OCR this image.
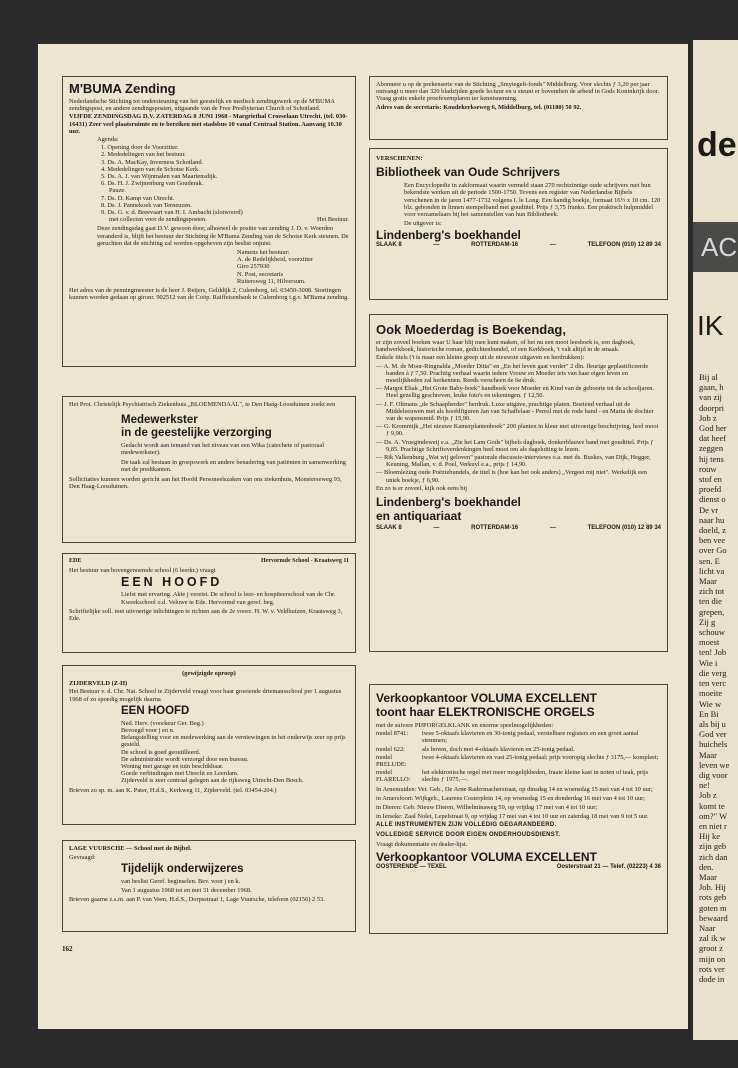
M'BUMA Zending

Nederlandsche Stichting tot ondersteuning van het geestelijk en medisch zendingswerk op de M'BUMA zendingspost, en andere zendingsposten, uitgaande van de Free Presbyterian Church of Schotland.

VIJFDE ZENDINGSDAG D.V. ZATERDAG 8 JUNI 1968 - Margriethal Croeselaan Utrecht. (tel. 030-16431) Zeer veel plaatsruimte en te bereiken met stadsbus 10 vanaf Centraal Station. Aanvang 10.30 uur.

Agenda:

1. Opening door de Voorzitter.
2. Mededelingen van het bestuur.
3. Ds. A. MacKay, Inverness Schotland.
4. Mededelingen van de Schotse Kerk.
5. Ds. A. J. van Wijnmalen van Maartensdijk.
6. Ds. H. J. Zwijnenburg van Gouderak.
Pauze.
7. Ds. D. Kamp van Utrecht.
8. Ds. J. Pannekoek van Terneuzen.
9. Ds. G. v. d. Breevaart van H. I. Ambacht (slotwoord)
met collecten voor de zendingsposten.	Het Bestuur.

Deze zendingsdag gaat D.V. gewoon door, alhoewel de positie van zending J. D. v. Woerden veranderd is, blijft het bestuur der Stichting de M'Buma Zending van de Schotse Kerk steunen. De geruchten dat de stichting zal worden opgeheven zijn beslist onjuist.

Namens het bestuur:
A. de Redelijkheid, voorzitter
Giro 257930
N. Post, secretaris
Ruitersweg 11, Hilversum.

Het adres van de penningmeester is de heer J. Reijers, Gelddijk 2, Culemborg, tel. 03450-3008. Stortingen kunnen worden gedaan op gironr. 902512 van de Coöp. Raiffeisenbank te Culemborg t.g.v. M'Buma zending.

Het Prot. Christelijk Psychiatrisch Ziekenhuis „BLOEMENDAAL", te Den Haag-Loosduinen zoekt een

Medewerkster
in de geestelijke verzorging

Gedacht wordt aan iemand van het niveau van een Wika (catechete of pastoraal medewerkster).

De taak zal bestaan in groepswerk en andere benadering van patiënten in samenwerking met de predikanten.

Sollicitaties kunnen worden gericht aan het Hoofd Personeelszaken van ons ziekenhuis, Monsterseweg 93, Den Haag-Loosduinen.

EDE	Hervormde School - Kraatsweg 11

Het bestuur van bovengenoemde school (6 leerkr.) vraagt

EEN HOOFD

Liefst met ervaring. Akte j vereist. De school is leer- en hospiteerschool van de Chr. Kweekschool o.d. Veluwe te Ede. Hervormd van geref. beg.

Schriftelijke soll. met uitvoerige inlichtingen te richten aan de 2e voorz. H. W. v. Veldhuizen, Kraatsweg 3, Ede.

(gewijzigde oproep)

ZIJDERVELD (Z-H)

Het Bestuur v. d. Chr. Nat. School te Zijderveld vraagt voor haar groeiende driemansschool per 1 augustus 1968 of zo spoedig mogelijk daarna

EEN HOOFD
Ned. Herv. (voorkeur Ger. Beg.)
Bevoegd voor j en n.
Belangstelling voor en medewerking aan de verniewingen in het onderwijs zeer op prijs gesteld.
De school is goed geoutilleerd.
De administratie wordt verzorgd door een bureau.
Woning met garage en tuin beschikbaar.
Goede verbindingen met Utrecht en Leerdam.
Zijderveld is zeer centraal gelegen aan de rijksweg Utrecht-Den Bosch.

Brieven zo sp. m. aan K. Pater, H.d.S., Kerkweg 11, Zijderveld. (tel. 03454-204.)

LAGE VUURSCHE — School met de Bijbel.

Gevraagd:

Tijdelijk onderwijzeres

van beslist Geref. beginselen. Bev. voor j en k.

Van 1 augustus 1968 tot en met 31 december 1968.

Brieven gaarne z.s.m. aan P. van Veen, H.d.S., Dorpsstraat 1, Lage Vuursche, telefoon (02156) 2 53.

162

Abonneer u op de prekenserie van de Stichting „Smytegelt-fonds" Middelburg. Voor slechts ƒ 3,20 per jaar ontvangt u meer dan 320 bladzijden goede lectuur en u steunt er bovendien de arbeid in Gods Koninkrijk door. Vraag gratis enkele proefexemplaren ter kennisneming.

Adres van de secretaris: Koudekerkseweg 6, Middelburg, tel. (01180) 50 92.

VERSCHENEN:

Bibliotheek van Oude Schrijvers

Een Encyclopedie in zakformaat waarin vermeld staan 270 rechtzinnige oude schrijvers met hun bekendste werken uit de periode 1500-1750. Tevens een register van Nederlandse Bijbels verschenen in de jaren 1477-1732 volgens I. le Long. Een handig boekje, formaat 16½ x 10 cm. 120 blz. gebonden in linnen stempelband met goudtitel. Prijs ƒ 3,75 franko. Een praktisch hulpmiddel voor verzamelaars bij het samenstellen van hun Bibliotheek.

De uitgever is:

Lindenberg's boekhandel
SLAAK 8	—	ROTTERDAM-16	—	TELEFOON (010) 12 89 34
Ook Moederdag is Boekendag,

er zijn zoveel boeken waar U haar blij mee kunt maken, of het nu een mooi leesboek is, een dagboek, handwerkboek, historische roman, gedichtenbundel, of een Kerkboek, 't valt altijd in de smaak.

Enkele titels ('t is maar een kleine greep uit de nieuwste uitgaven en herdrukken):

— A. M. de Moor-Ringnalda „Moeder Ditta" en „En het leven gaat verder" 2 dln. fleurige geplastificeerde banden à ƒ 7,50. Prachtig verhaal waarin iedere Vrouw en Moeder iets van haar eigen leven en moeilijkheden zal herkennen. Reeds verscheen de 6e druk.

— Margot Eliak „Het Grote Baby-boek" handboek voor Moeder en Kind van de geboorte tot de schooljaren. Heel gezellig geschreven, leuke foto's en tekeningen. ƒ 12,50.

— J. F. Oltmans „de Schaapherder" herdruk. Luxe uitgave, prachtige platen. Boeiend verhaal uit de Middeleeuwen met als hoofdfiguren Jan van Schaffelaar - Perrol met de rode hand - en Maria de dochter van de wapensmid. Prijs ƒ 15,90.

— G. Krommijk „Het nieuwe Kamerplantenboek" 200 planten in kleur met uitvoerige beschrijving, heel mooi ƒ 9,90.

— Ds. A. Vroegindeweij e.a. „Zie het Lam Gods" bijbels dagboek, donkerblauwe band met goudtitel. Prijs ƒ 9,85. Prachtige Schriftoverdenkingen heel mooi om als dagsluiting te lezen.

— Rik Valkenburg „Wat wij geloven" pastorale discussie-interviews o.a. met ds. Buskes, van Dijk, Hegger, Keuning, Mallan, v. d. Poel, Verkuyl e.a., prijs ƒ 14,90.

— Bloemlezing oude Poëziebundels, de titel is (hoe kan het ook anders) „Vergeet mij niet". Werkelijk een uniek boekje, ƒ 6,90.

En zo is er zoveel, kijk ook eens bij

Lindenberg's boekhandel
en antiquariaat
SLAAK 8	—	ROTTERDAM-16	—	TELEFOON (010) 12 89 34
Verkoopkantoor VOLUMA EXCELLENT
toont haar ELEKTRONISCHE ORGELS

met de suivere PIJPORGELKLANK en enorme speelmogelijkheden:

model 8741:	twee 5-oktaafs klavieren en 30-tonig pedaal, verstelbare registers en een groot aantal stemmen;
model 622:	als boven, doch met 4-oktaafs klavieren en 25-tonig pedaal.
model PRELUDE:
twee 4-oktaafs klavieren en vast 25-tonig pedaal; prijs vooropig slechts ƒ 3175,— kompleet;
model FLARELLO:
het elektronische orgel met meer mogelijkheden, fraaie kleine kast in noten of teak, prijs slechts ƒ 1975,—.

In Arnemuiden: Ver. Geb., De Arne Radermacherstraat, op dinsdag 14 en woensdag 15 mei van 4 tot 10 uur;

in Amersfoort: Wijkgeb., Laurens Costerplein 14, op woensdag 15 en donderdag 16 mei van 4 tot 10 uur;

in Dieren: Geb. Nieuw Dieren, Wilhelminaweg 59, op vrijdag 17 mei van 4 tot 10 uur;

in Ierseke: Zaal Nolet, Lepelstraat 9, op vrijdag 17 mei van 4 tot 10 uur en zaterdag 18 mei van 9 tot 5 uur.

ALLE INSTRUMENTEN ZIJN VOLLEDIG GEGARANDEERD.
VOLLEDIGE SERVICE DOOR EIGEN ONDERHOUDSDIENST.

Vraagt dokumentatie en dealer-lijst.

Verkoopkantoor VOLUMA EXCELLENT
OOSTERENDE — TEXEL	Oosterstraat 21 — Telef. (02223) 4 36
de
AC
IK
Bij al
gaan, h
van zij
doorpri
Job z
God her
dat heef
zeggen
hij tens
rouw
stof en
proefd
dienst o
De vr
naar hu
doeld, z
ben vee
over Go
sen. E
licht va
Maar
zich tot
ten die
grepen,
Zij g
schouw
moest
ten! Job
Wie i
die verg
ten verc
moeite
Wie w
En Bi
als bij u
God ver
huichels
Maar
leven we
dig voor
ne!
Job z
komt te
om?" W
en niet r
Hij ke
zijn geb
zich dan
den.
Maar
Job. Hij
rots geb
goten m
bewaard
Naar
zal ik w
groot z
mijn on
rots ver
dode in
